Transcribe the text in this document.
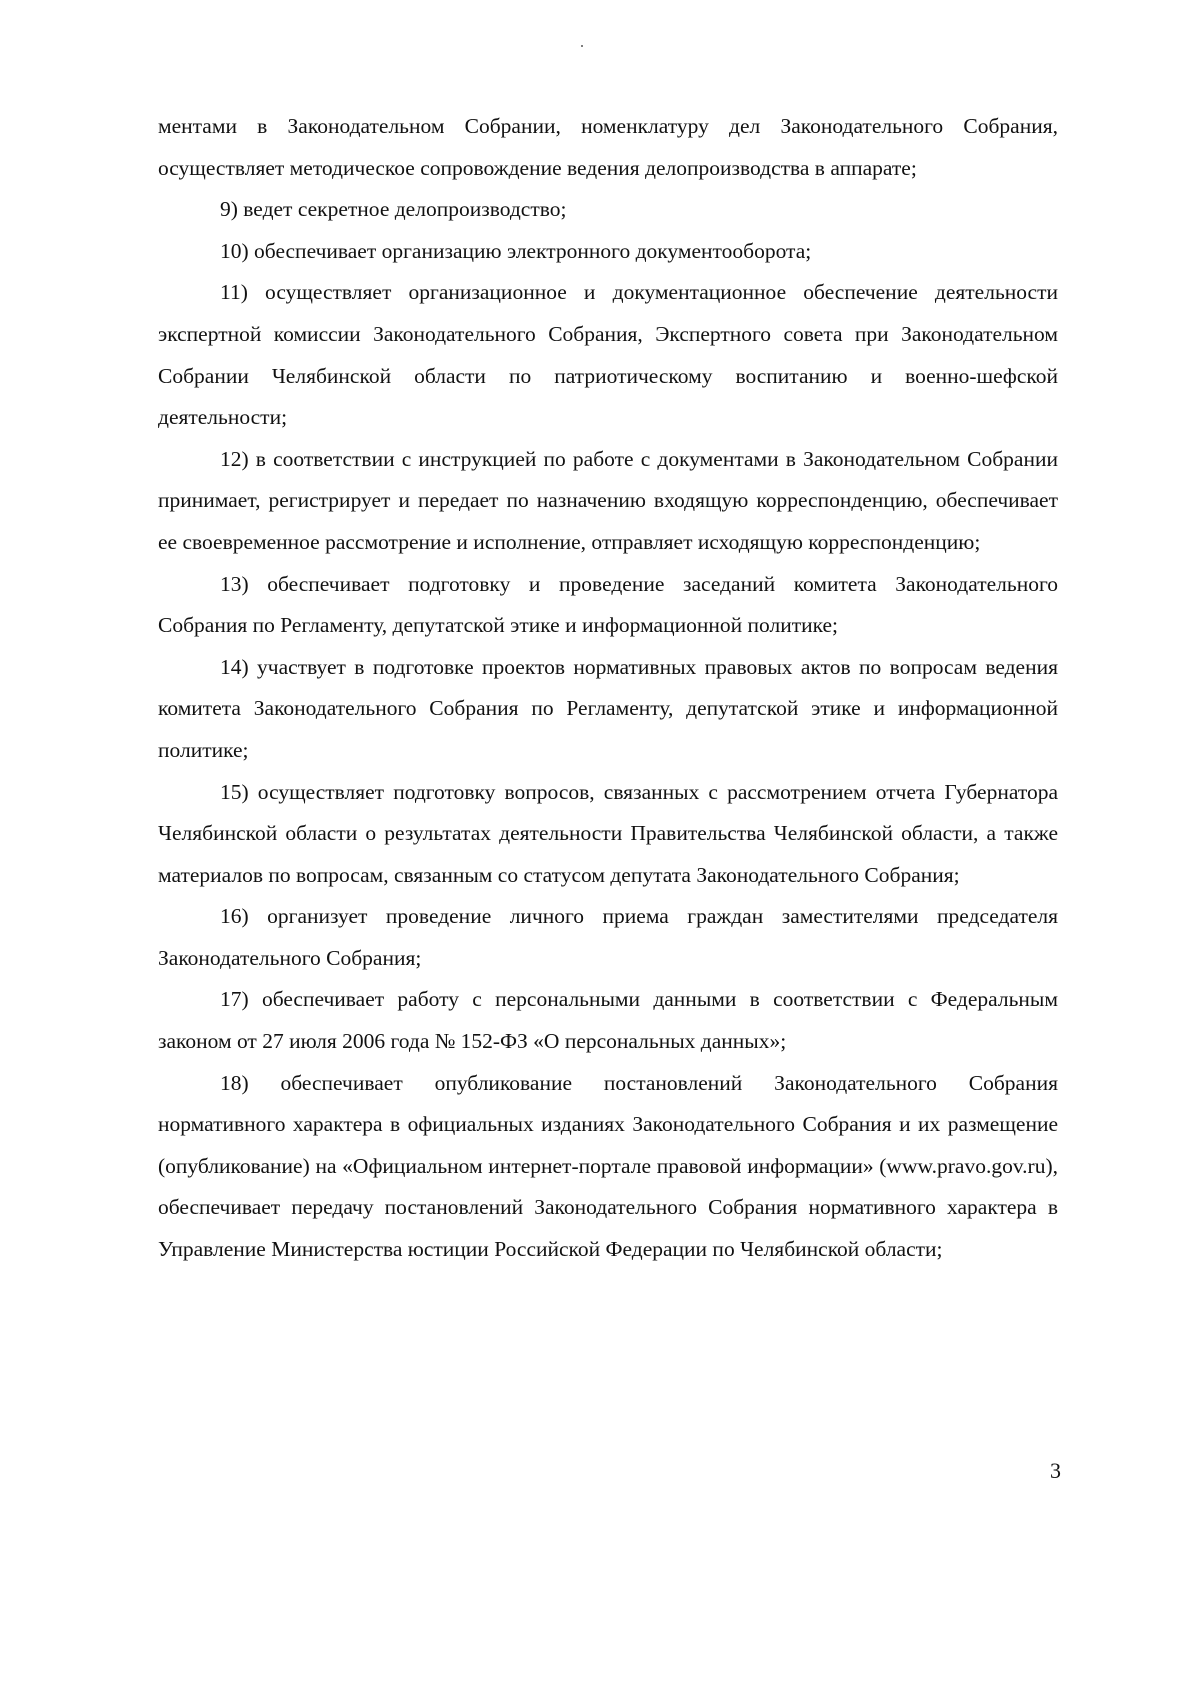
ментами в Законодательном Собрании, номенклатуру дел Законодательного Собрания, осуществляет методическое сопровождение ведения делопроизводства в аппарате;

9) ведет секретное делопроизводство;

10) обеспечивает организацию электронного документооборота;

11) осуществляет организационное и документационное обеспечение деятельности экспертной комиссии Законодательного Собрания, Экспертного совета при Законодательном Собрании Челябинской области по патриотическому воспитанию и военно-шефской деятельности;

12) в соответствии с инструкцией по работе с документами в Законодательном Собрании принимает, регистрирует и передает по назначению входящую корреспонденцию, обеспечивает ее своевременное рассмотрение и исполнение, отправляет исходящую корреспонденцию;

13) обеспечивает подготовку и проведение заседаний комитета Законодательного Собрания по Регламенту, депутатской этике и информационной политике;

14) участвует в подготовке проектов нормативных правовых актов по вопросам ведения комитета Законодательного Собрания по Регламенту, депутатской этике и информационной политике;

15) осуществляет подготовку вопросов, связанных с рассмотрением отчета Губернатора Челябинской области о результатах деятельности Правительства Челябинской области, а также материалов по вопросам, связанным со статусом депутата Законодательного Собрания;

16) организует проведение личного приема граждан заместителями председателя Законодательного Собрания;

17) обеспечивает работу с персональными данными в соответствии с Федеральным законом от 27 июля 2006 года № 152-ФЗ «О персональных данных»;

18) обеспечивает опубликование постановлений Законодательного Собрания нормативного характера в официальных изданиях Законодательного Собрания и их размещение (опубликование) на «Официальном интернет-портале правовой информации» (www.pravo.gov.ru), обеспечивает передачу постановлений Законодательного Собрания нормативного характера в Управление Министерства юстиции Российской Федерации по Челябинской области;

3
